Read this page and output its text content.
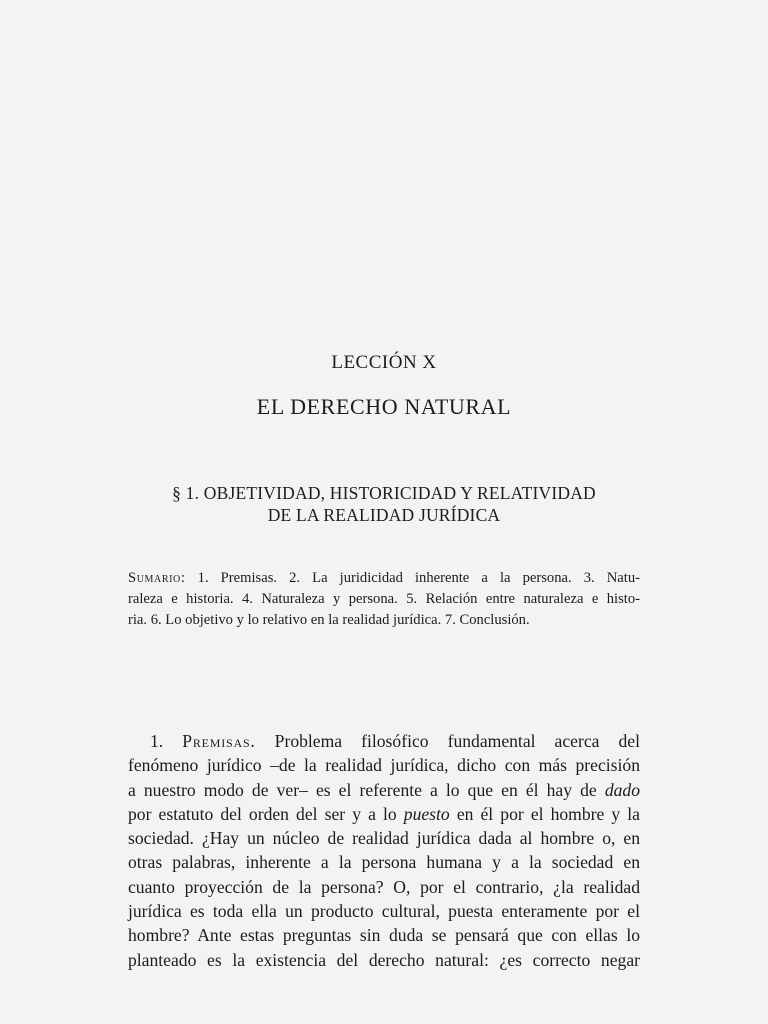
LECCIÓN X
EL DERECHO NATURAL
§ 1. OBJETIVIDAD, HISTORICIDAD Y RELATIVIDAD
DE LA REALIDAD JURÍDICA
Sumario: 1. Premisas. 2. La juridicidad inherente a la persona. 3. Natu-
raleza e historia. 4. Naturaleza y persona. 5. Relación entre naturaleza e histo-
ria. 6. Lo objetivo y lo relativo en la realidad jurídica. 7. Conclusión.
1. Premisas. Problema filosófico fundamental acerca del
fenómeno jurídico –de la realidad jurídica, dicho con más precisión
a nuestro modo de ver– es el referente a lo que en él hay de dado
por estatuto del orden del ser y a lo puesto en él por el hombre y la
sociedad. ¿Hay un núcleo de realidad jurídica dada al hombre o, en
otras palabras, inherente a la persona humana y a la sociedad en
cuanto proyección de la persona? O, por el contrario, ¿la realidad
jurídica es toda ella un producto cultural, puesta enteramente por el
hombre? Ante estas preguntas sin duda se pensará que con ellas lo
planteado es la existencia del derecho natural: ¿es correcto negar
